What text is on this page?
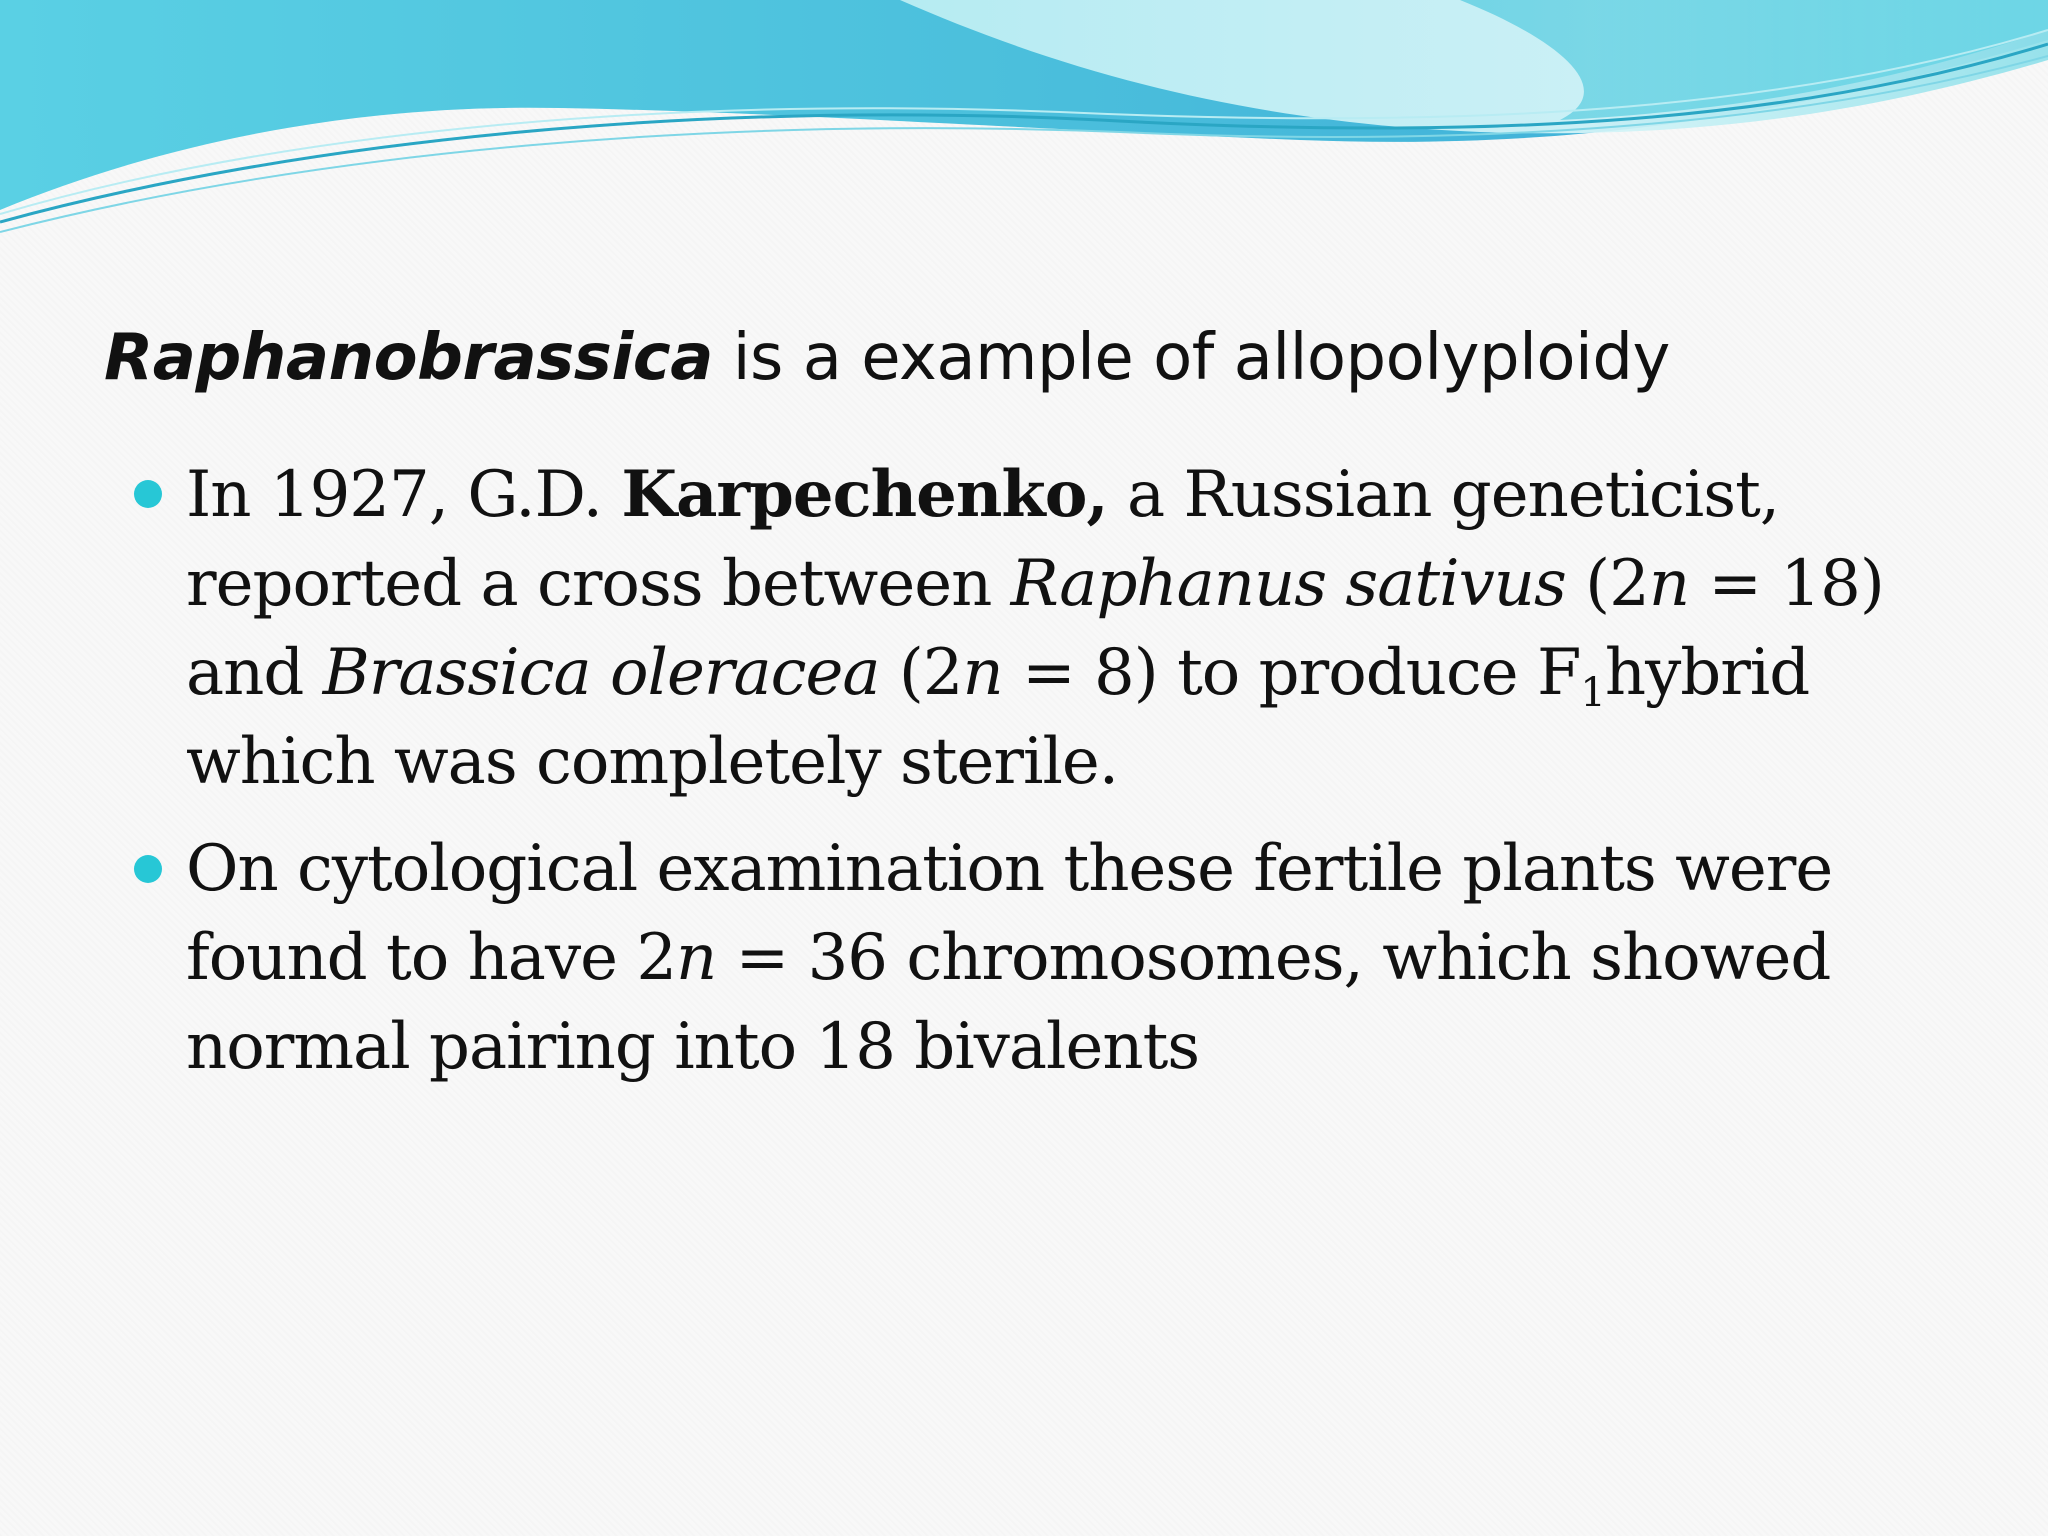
Raphanobrassica is a example of allopolyploidy
In 1927, G.D. Karpechenko, a Russian geneticist,
reported a cross between Raphanus sativus (2n = 18)
and Brassica oleracea (2n = 8) to produce $F_1hybrid$
which was completely sterile.
On cytological examination these fertile plants were
found to have 2n = 36 chromosomes, which showed
normal pairing into 18 bivalents
